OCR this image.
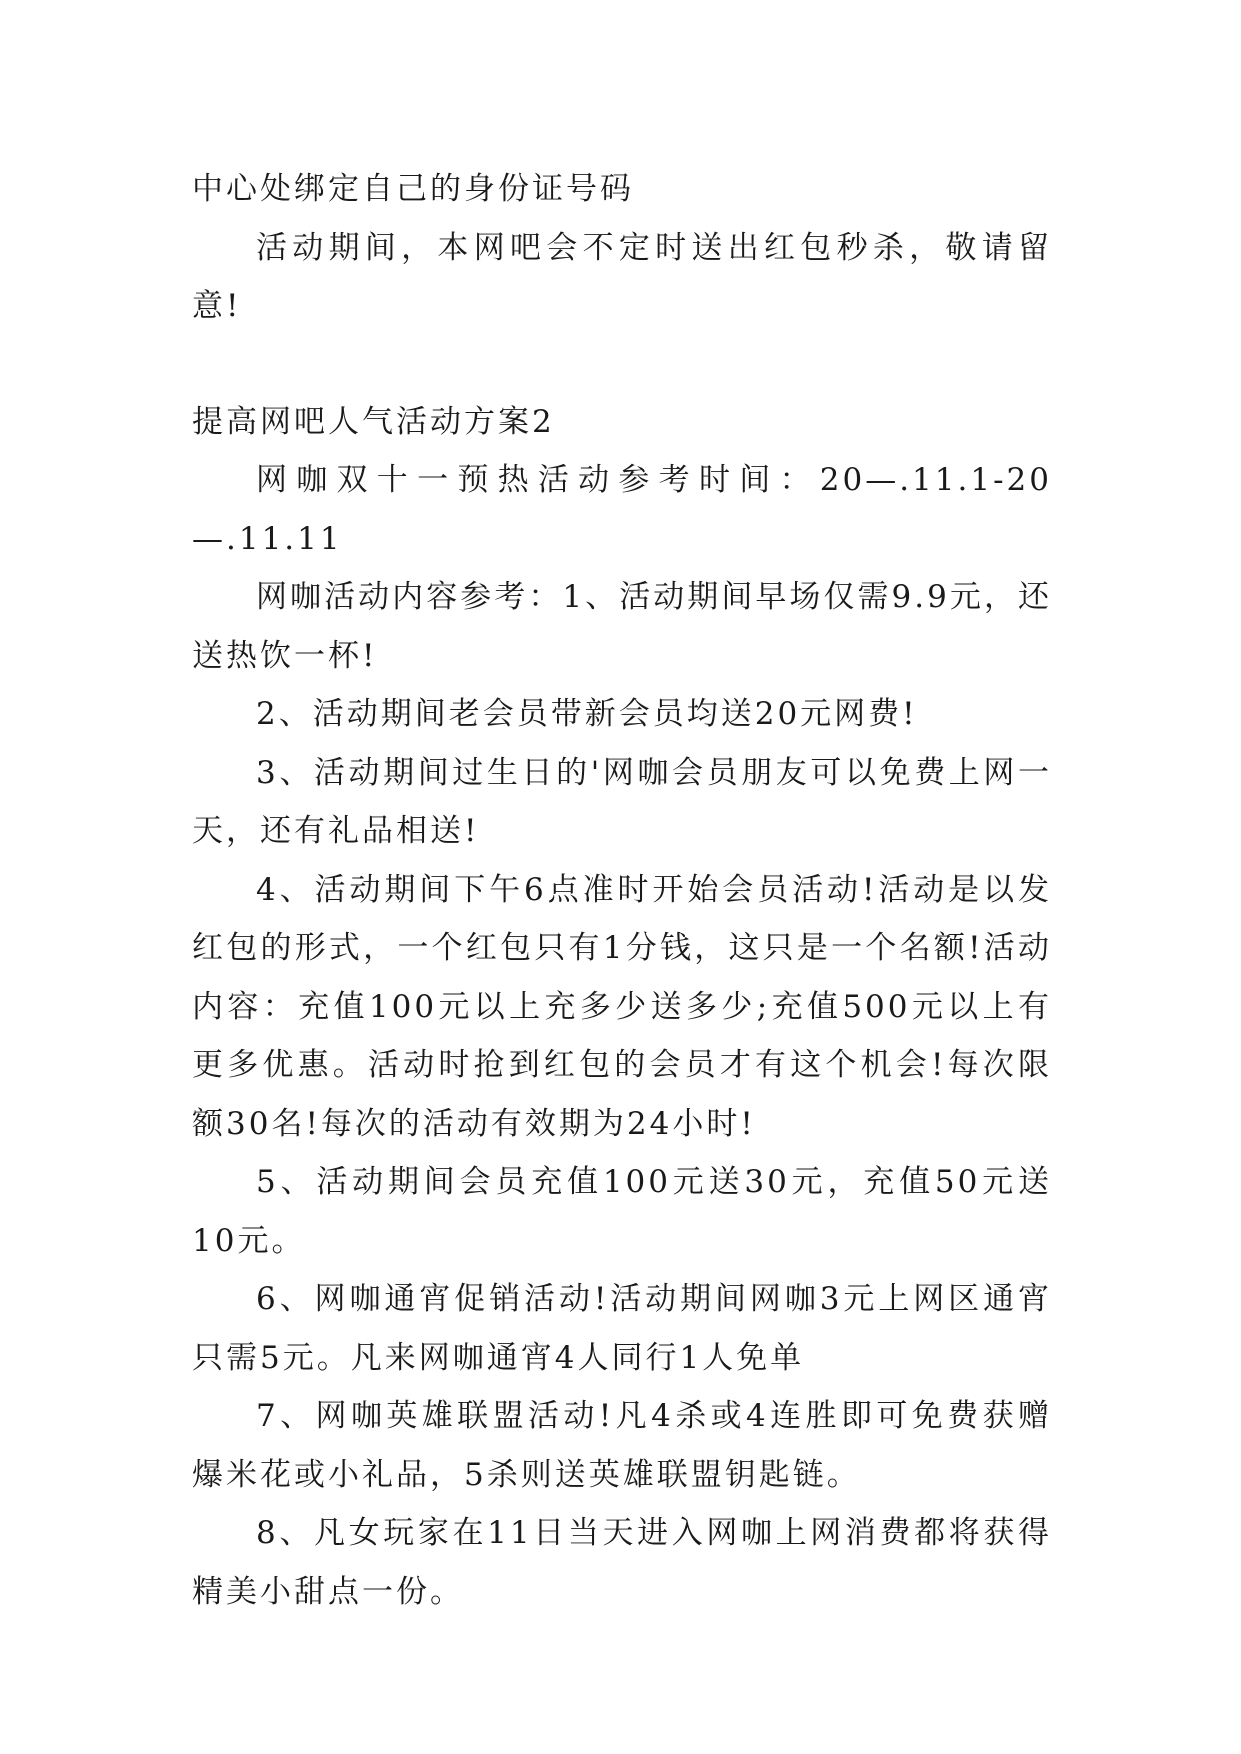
中心处绑定自己的身份证号码

活动期间，本网吧会不定时送出红包秒杀，敬请留意!

提高网吧人气活动方案2

网咖双十一预热活动参考时间：20—.11.1-20—.11.11

网咖活动内容参考：1、活动期间早场仅需9.9元，还送热饮一杯!

2、活动期间老会员带新会员均送20元网费!

3、活动期间过生日的'网咖会员朋友可以免费上网一天，还有礼品相送!

4、活动期间下午6点准时开始会员活动!活动是以发红包的形式，一个红包只有1分钱，这只是一个名额!活动内容：充值100元以上充多少送多少;充值500元以上有更多优惠。活动时抢到红包的会员才有这个机会!每次限额30名!每次的活动有效期为24小时!

5、活动期间会员充值100元送30元，充值50元送10元。

6、网咖通宵促销活动!活动期间网咖3元上网区通宵只需5元。凡来网咖通宵4人同行1人免单

7、网咖英雄联盟活动!凡4杀或4连胜即可免费获赠爆米花或小礼品，5杀则送英雄联盟钥匙链。

8、凡女玩家在11日当天进入网咖上网消费都将获得精美小甜点一份。
